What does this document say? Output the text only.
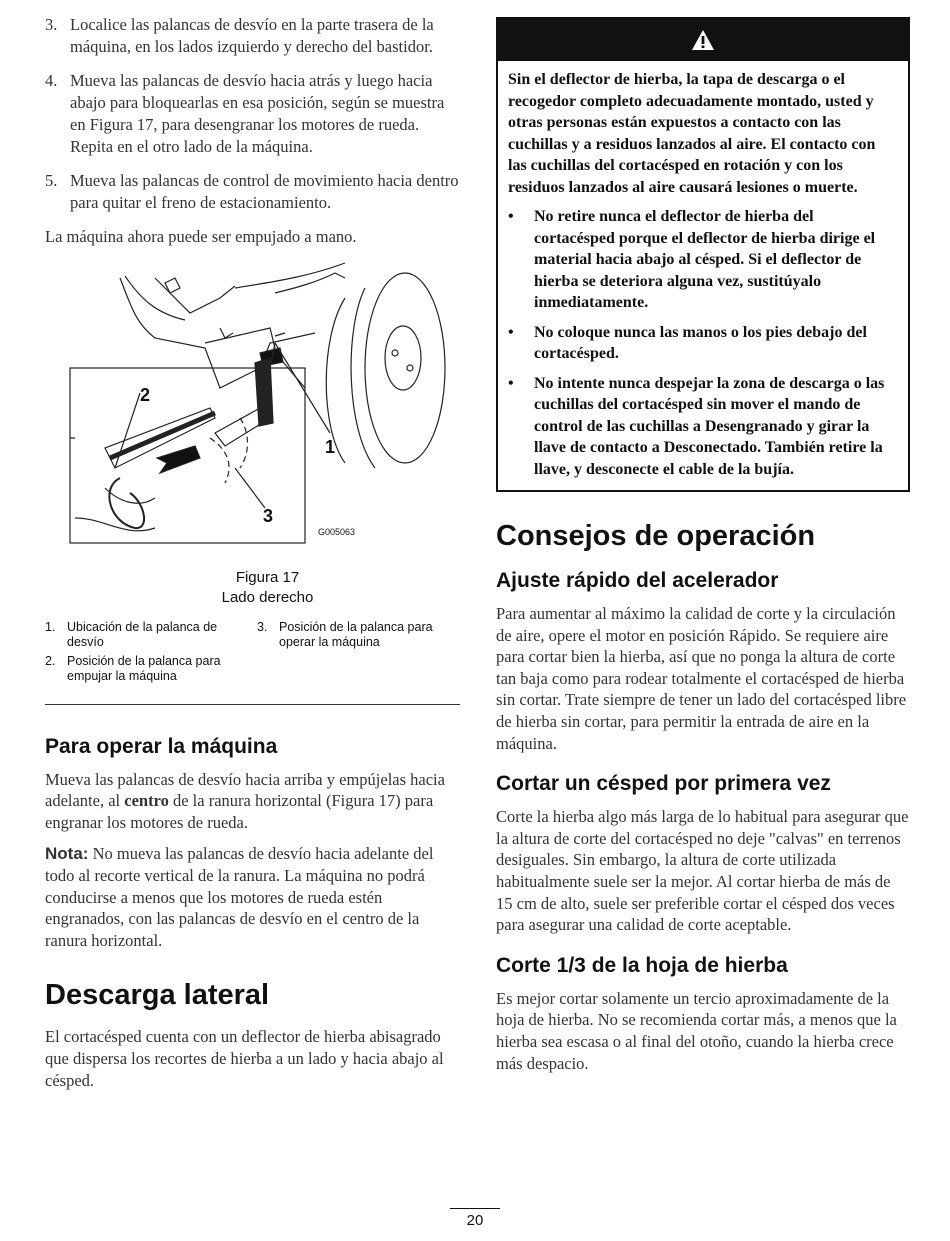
3. Localice las palancas de desvío en la parte trasera de la máquina, en los lados izquierdo y derecho del bastidor.
4. Mueva las palancas de desvío hacia atrás y luego hacia abajo para bloquearlas en esa posición, según se muestra en Figura 17, para desengranar los motores de rueda. Repita en el otro lado de la máquina.
5. Mueva las palancas de control de movimiento hacia dentro para quitar el freno de estacionamiento.

La máquina ahora puede ser empujado a mano.

2
1
3
G005063
Figura 17
Lado derecho
1. Ubicación de la palanca de desvío
3. Posición de la palanca para operar la máquina
2. Posición de la palanca para empujar la máquina
Para operar la máquina

Mueva las palancas de desvío hacia arriba y empújelas hacia adelante, al centro de la ranura horizontal (Figura 17) para engranar los motores de rueda.

Nota: No mueva las palancas de desvío hacia adelante del todo al recorte vertical de la ranura. La máquina no podrá conducirse a menos que los motores de rueda estén engranados, con las palancas de desvío en el centro de la ranura horizontal.

Descarga lateral

El cortacésped cuenta con un deflector de hierba abisagrado que dispersa los recortes de hierba a un lado y hacia abajo al césped.

Sin el deflector de hierba, la tapa de descarga o el recogedor completo adecuadamente montado, usted y otras personas están expuestos a contacto con las cuchillas y a residuos lanzados al aire. El contacto con las cuchillas del cortacésped en rotación y con los residuos lanzados al aire causará lesiones o muerte.
•	No retire nunca el deflector de hierba del cortacésped porque el deflector de hierba dirige el material hacia abajo al césped. Si el deflector de hierba se deteriora alguna vez, sustitúyalo inmediatamente.
•	No coloque nunca las manos o los pies debajo del cortacésped.
•	No intente nunca despejar la zona de descarga o las cuchillas del cortacésped sin mover el mando de control de las cuchillas a Desengranado y girar la llave de contacto a Desconectado. También retire la llave, y desconecte el cable de la bujía.
Consejos de operación
Ajuste rápido del acelerador

Para aumentar al máximo la calidad de corte y la circulación de aire, opere el motor en posición Rápido. Se requiere aire para cortar bien la hierba, así que no ponga la altura de corte tan baja como para rodear totalmente el cortacésped de hierba sin cortar. Trate siempre de tener un lado del cortacésped libre de hierba sin cortar, para permitir la entrada de aire en la máquina.

Cortar un césped por primera vez

Corte la hierba algo más larga de lo habitual para asegurar que la altura de corte del cortacésped no deje "calvas" en terrenos desiguales. Sin embargo, la altura de corte utilizada habitualmente suele ser la mejor. Al cortar hierba de más de 15 cm de alto, suele ser preferible cortar el césped dos veces para asegurar una calidad de corte aceptable.

Corte 1/3 de la hoja de hierba

Es mejor cortar solamente un tercio aproximadamente de la hoja de hierba. No se recomienda cortar más, a menos que la hierba sea escasa o al final del otoño, cuando la hierba crece más despacio.

20
